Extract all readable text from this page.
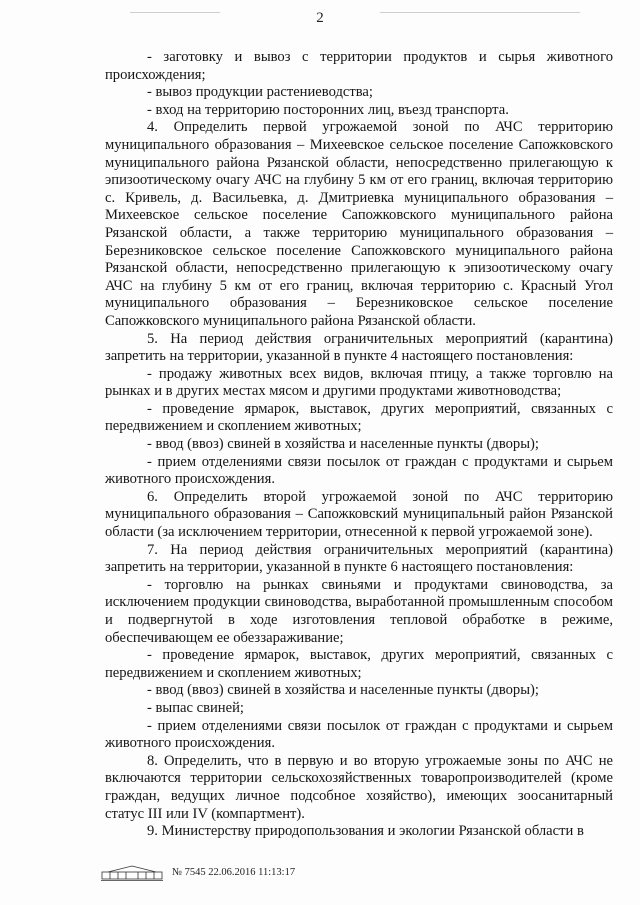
2

- заготовку и вывоз с территории продуктов и сырья животного происхождения;

- вывоз продукции растениеводства;

- вход на территорию посторонних лиц, въезд транспорта.

4. Определить первой угрожаемой зоной по АЧС территорию муниципального образования – Михеевское сельское поселение Сапожковского муниципального района Рязанской области, непосредственно прилегающую к эпизоотическому очагу АЧС на глубину 5 км от его границ, включая территорию с. Кривель, д. Васильевка, д. Дмитриевка муниципального образования – Михеевское сельское поселение Сапожковского муниципального района Рязанской области, а также территорию муниципального образования – Березниковское сельское поселение Сапожковского муниципального района Рязанской области, непосредственно прилегающую к эпизоотическому очагу АЧС на глубину 5 км от его границ, включая территорию с. Красный Угол муниципального образования – Березниковское сельское поселение Сапожковского муниципального района Рязанской области.

5. На период действия ограничительных мероприятий (карантина) запретить на территории, указанной в пункте 4 настоящего постановления:

- продажу животных всех видов, включая птицу, а также торговлю на рынках и в других местах мясом и другими продуктами животноводства;

- проведение ярмарок, выставок, других мероприятий, связанных с передвижением и скоплением животных;

- ввод (ввоз) свиней в хозяйства и населенные пункты (дворы);

- прием отделениями связи посылок от граждан с продуктами и сырьем животного происхождения.

6. Определить второй угрожаемой зоной по АЧС территорию муниципального образования – Сапожковский муниципальный район Рязанской области (за исключением территории, отнесенной к первой угрожаемой зоне).

7. На период действия ограничительных мероприятий (карантина) запретить на территории, указанной в пункте 6 настоящего постановления:

- торговлю на рынках свиньями и продуктами свиноводства, за исключением продукции свиноводства, выработанной промышленным способом и подвергнутой в ходе изготовления тепловой обработке в режиме, обеспечивающем ее обеззараживание;

- проведение ярмарок, выставок, других мероприятий, связанных с передвижением и скоплением животных;

- ввод (ввоз) свиней в хозяйства и населенные пункты (дворы);

- выпас свиней;

- прием отделениями связи посылок от граждан с продуктами и сырьем животного происхождения.

8. Определить, что в первую и во вторую угрожаемые зоны по АЧС не включаются территории сельскохозяйственных товаропроизводителей (кроме граждан, ведущих личное подсобное хозяйство), имеющих зоосанитарный статус III или IV (компартмент).

9. Министерству природопользования и экологии Рязанской области в

№ 7545 22.06.2016 11:13:17
